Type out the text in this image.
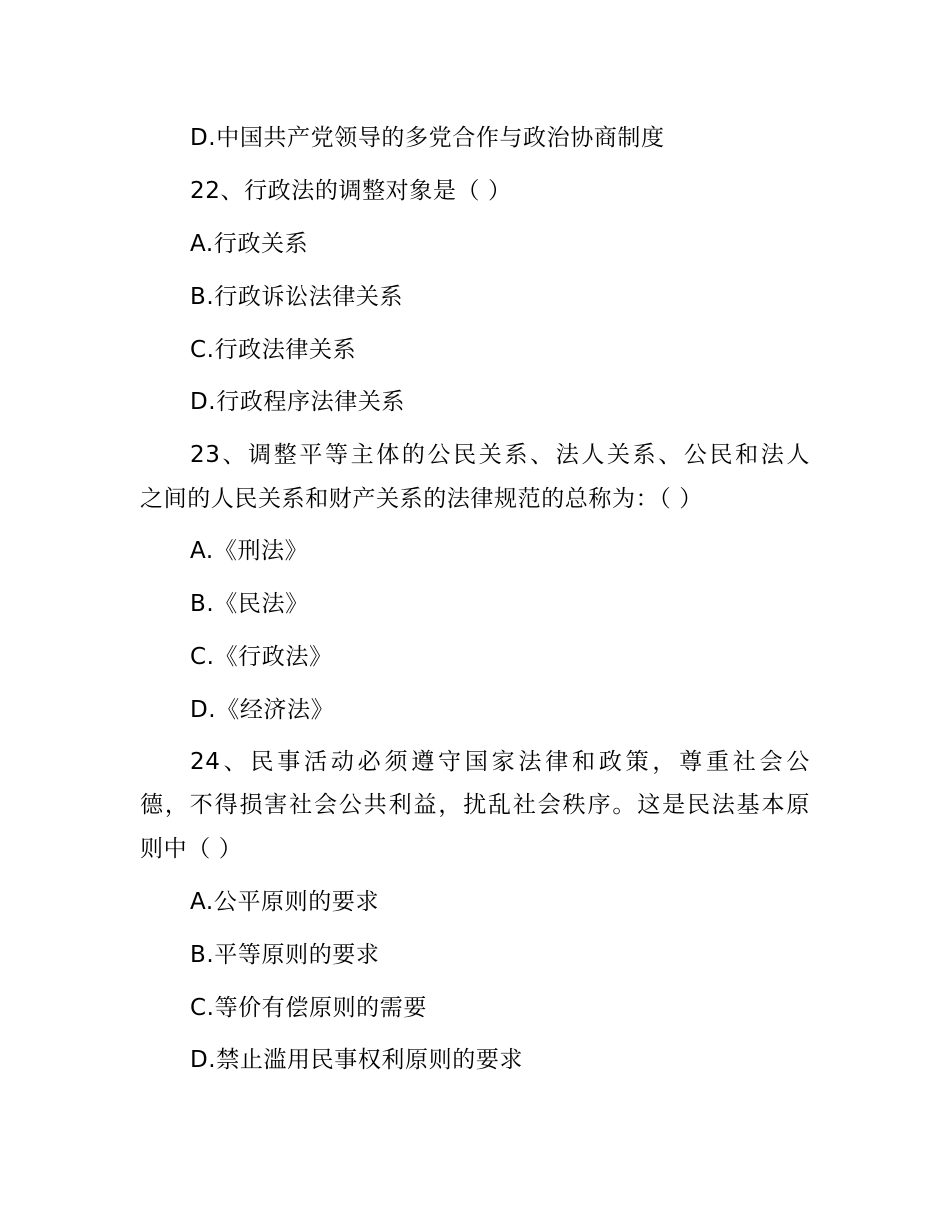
D.中国共产党领导的多党合作与政治协商制度
22、行政法的调整对象是（ ）
A.行政关系
B.行政诉讼法律关系
C.行政法律关系
D.行政程序法律关系
23、调整平等主体的公民关系、法人关系、公民和法人
之间的人民关系和财产关系的法律规范的总称为：（ ）
A.《刑法》
B.《民法》
C.《行政法》
D.《经济法》
24、民事活动必须遵守国家法律和政策，尊重社会公
德，不得损害社会公共利益，扰乱社会秩序。这是民法基本原
则中（ ）
A.公平原则的要求
B.平等原则的要求
C.等价有偿原则的需要
D.禁止滥用民事权利原则的要求
